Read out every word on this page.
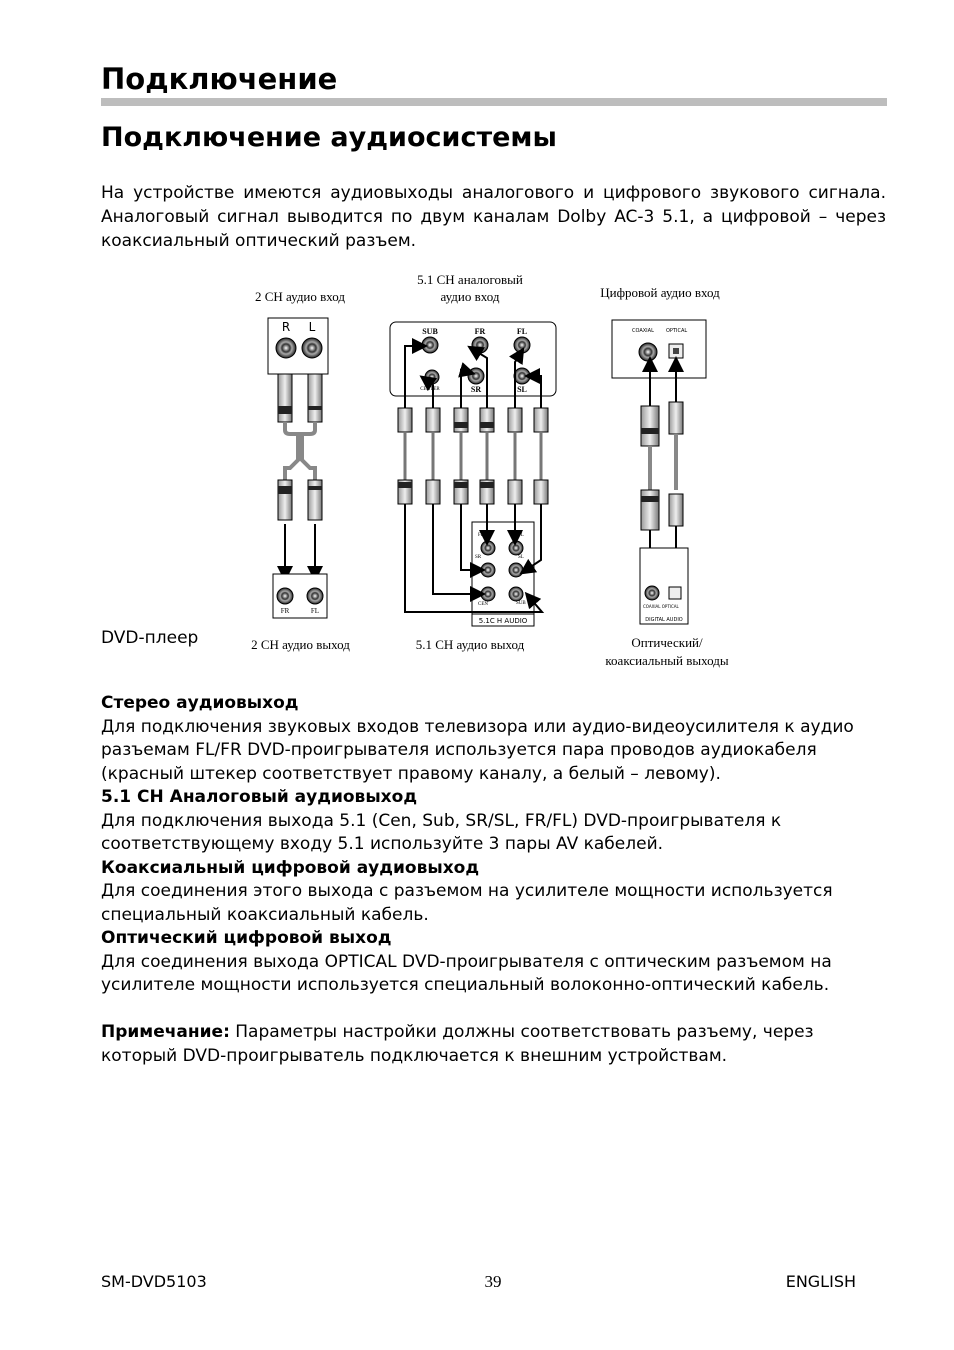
Подключение
Подключение аудиосистемы

На устройстве имеются аудиовыходы аналогового и цифрового звукового сигнала. Аналоговый сигнал выводится по двум каналам Dolby AC-3 5.1, а цифровой – через коаксиальный оптический разъем.

2 CH аудио вход
5.1 CH аналоговый
аудио вход	Цифровой аудио вход
DVD-плеер	2 CH аудио выход	5.1 CH аудио выход	Оптический/
коаксиальный выходы
R L
FR	FL
SUB	FR	FL
CENTER	SR	SL
FR	FL
SR	SL
CEN	SUB
5.1C H AUDIO
COAXIAL OPTICAL
COAXIAL OPTICAL
DIGITAL AUDIO

Стерео аудиовыход

Для подключения звуковых входов телевизора или аудио-видеоусилителя к аудио разъемам FL/FR DVD-проигрывателя используется пара проводов аудиокабеля (красный штекер соответствует правому каналу, а белый – левому).

5.1 CH Аналоговый аудиовыход

Для подключения выхода 5.1 (Cen, Sub, SR/SL, FR/FL) DVD-проигрывателя к соответствующему входу 5.1 используйте 3 пары AV кабелей.

Коаксиальный цифровой аудиовыход

Для соединения этого выхода с разъемом на усилителе мощности используется специальный коаксиальный кабель.

Оптический цифровой выход

Для соединения выхода OPTICAL DVD-проигрывателя с оптическим разъемом на усилителе мощности используется специальный волоконно-оптический кабель.

Примечание: Параметры настройки должны соответствовать разъему, через который DVD-проигрыватель подключается к внешним устройствам.

SM-DVD5103	39	ENGLISH
